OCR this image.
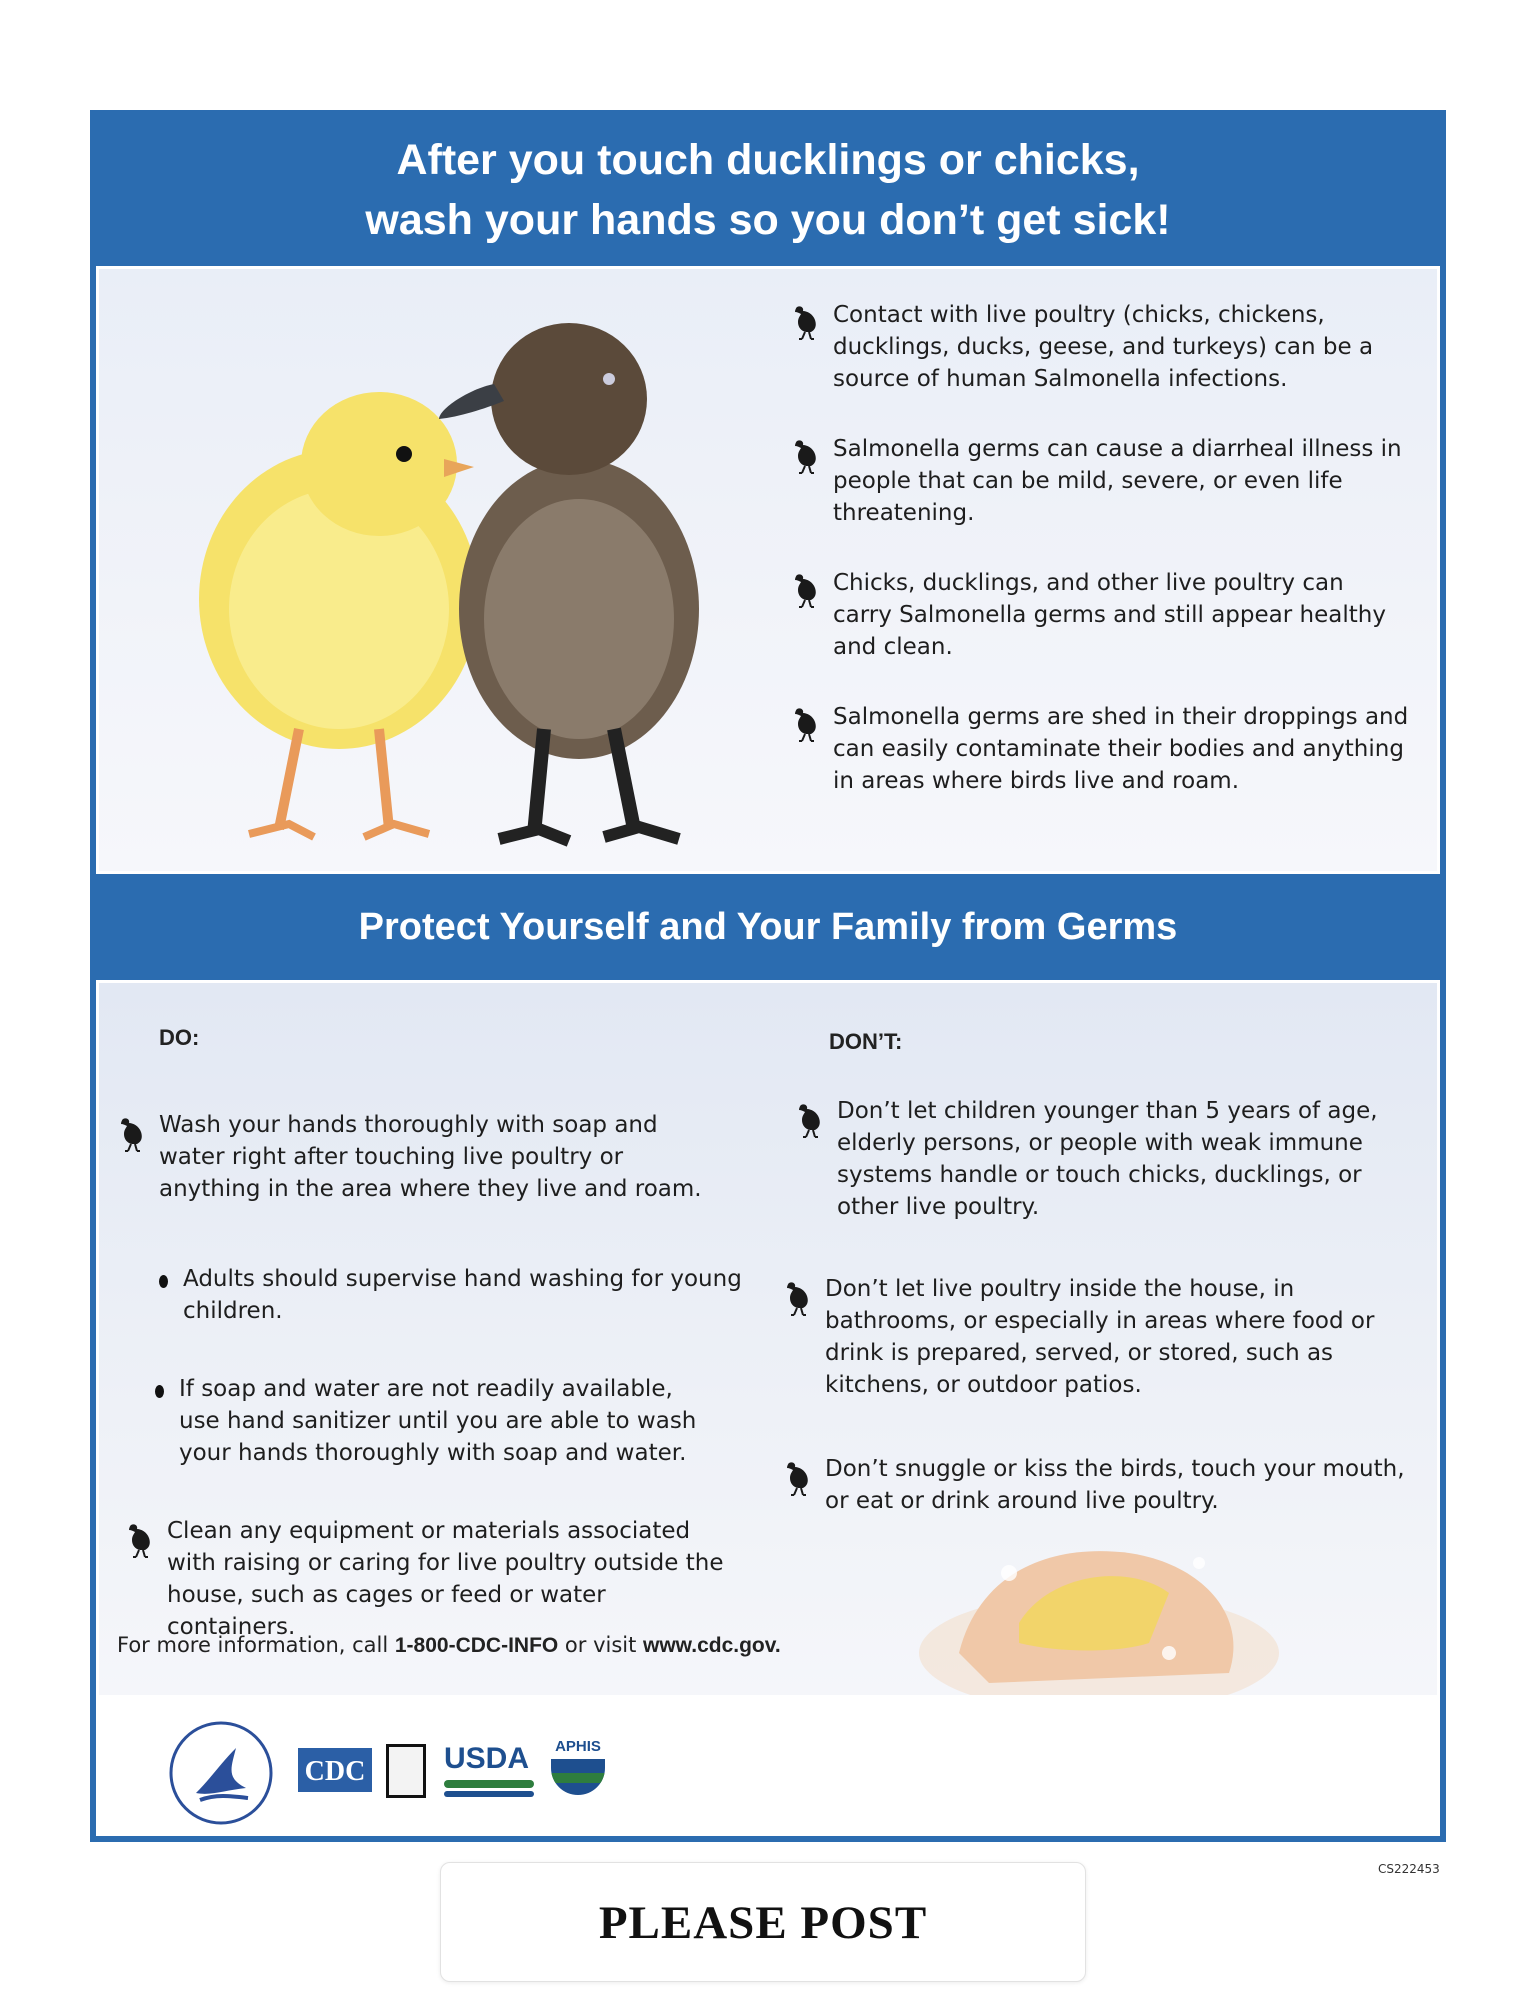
After you touch ducklings or chicks,
wash your hands so you don’t get sick!
Contact with live poultry (chicks, chickens, ducklings, ducks, geese, and turkeys) can be a source of human Salmonella infections.
Salmonella germs can cause a diarrheal illness in people that can be mild, severe, or even life threatening.
Chicks, ducklings, and other live poultry can carry Salmonella germs and still appear healthy and clean.
Salmonella germs are shed in their droppings and can easily contaminate their bodies and anything in areas where birds live and roam.
Protect Yourself and Your Family from Germs
DO:	DON’T:
Wash your hands thoroughly with soap and water right after touching live poultry or anything in the area where they live and roam.
Adults should supervise hand washing for young children.
If soap and water are not readily available, use hand sanitizer until you are able to wash your hands thoroughly with soap and water.
Clean any equipment or materials associated with raising or caring for live poultry outside the house, such as cages or feed or water containers.
Don’t let children younger than 5 years of age, elderly persons, or people with weak immune systems handle or touch chicks, ducklings, or other live poultry.
Don’t let live poultry inside the house, in bathrooms, or especially in areas where food or drink is prepared, served, or stored, such as kitchens, or outdoor patios.
Don’t snuggle or kiss the birds, touch your mouth, or eat or drink around live poultry.
For more information, call 1-800-CDC-INFO or visit www.cdc.gov.
CDC	USDA	APHIS
CS222453
PLEASE POST
